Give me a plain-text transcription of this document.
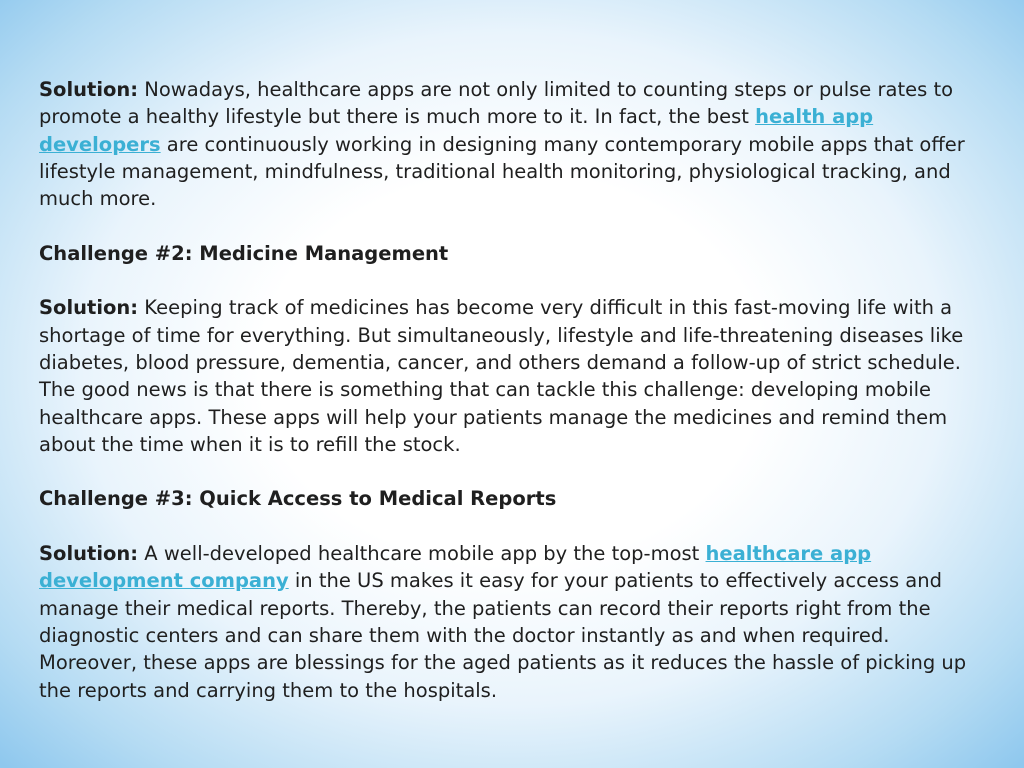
Solution: Nowadays, healthcare apps are not only limited to counting steps or pulse rates to promote a healthy lifestyle but there is much more to it. In fact, the best health app developers are continuously working in designing many contemporary mobile apps that offer lifestyle management, mindfulness, traditional health monitoring, physiological tracking, and much more.

Challenge #2: Medicine Management

Solution: Keeping track of medicines has become very difficult in this fast-moving life with a shortage of time for everything. But simultaneously, lifestyle and life-threatening diseases like diabetes, blood pressure, dementia, cancer, and others demand a follow-up of strict schedule. The good news is that there is something that can tackle this challenge: developing mobile healthcare apps. These apps will help your patients manage the medicines and remind them about the time when it is to refill the stock.

Challenge #3: Quick Access to Medical Reports

Solution: A well-developed healthcare mobile app by the top-most healthcare app development company in the US makes it easy for your patients to effectively access and manage their medical reports. Thereby, the patients can record their reports right from the diagnostic centers and can share them with the doctor instantly as and when required. Moreover, these apps are blessings for the aged patients as it reduces the hassle of picking up the reports and carrying them to the hospitals.
